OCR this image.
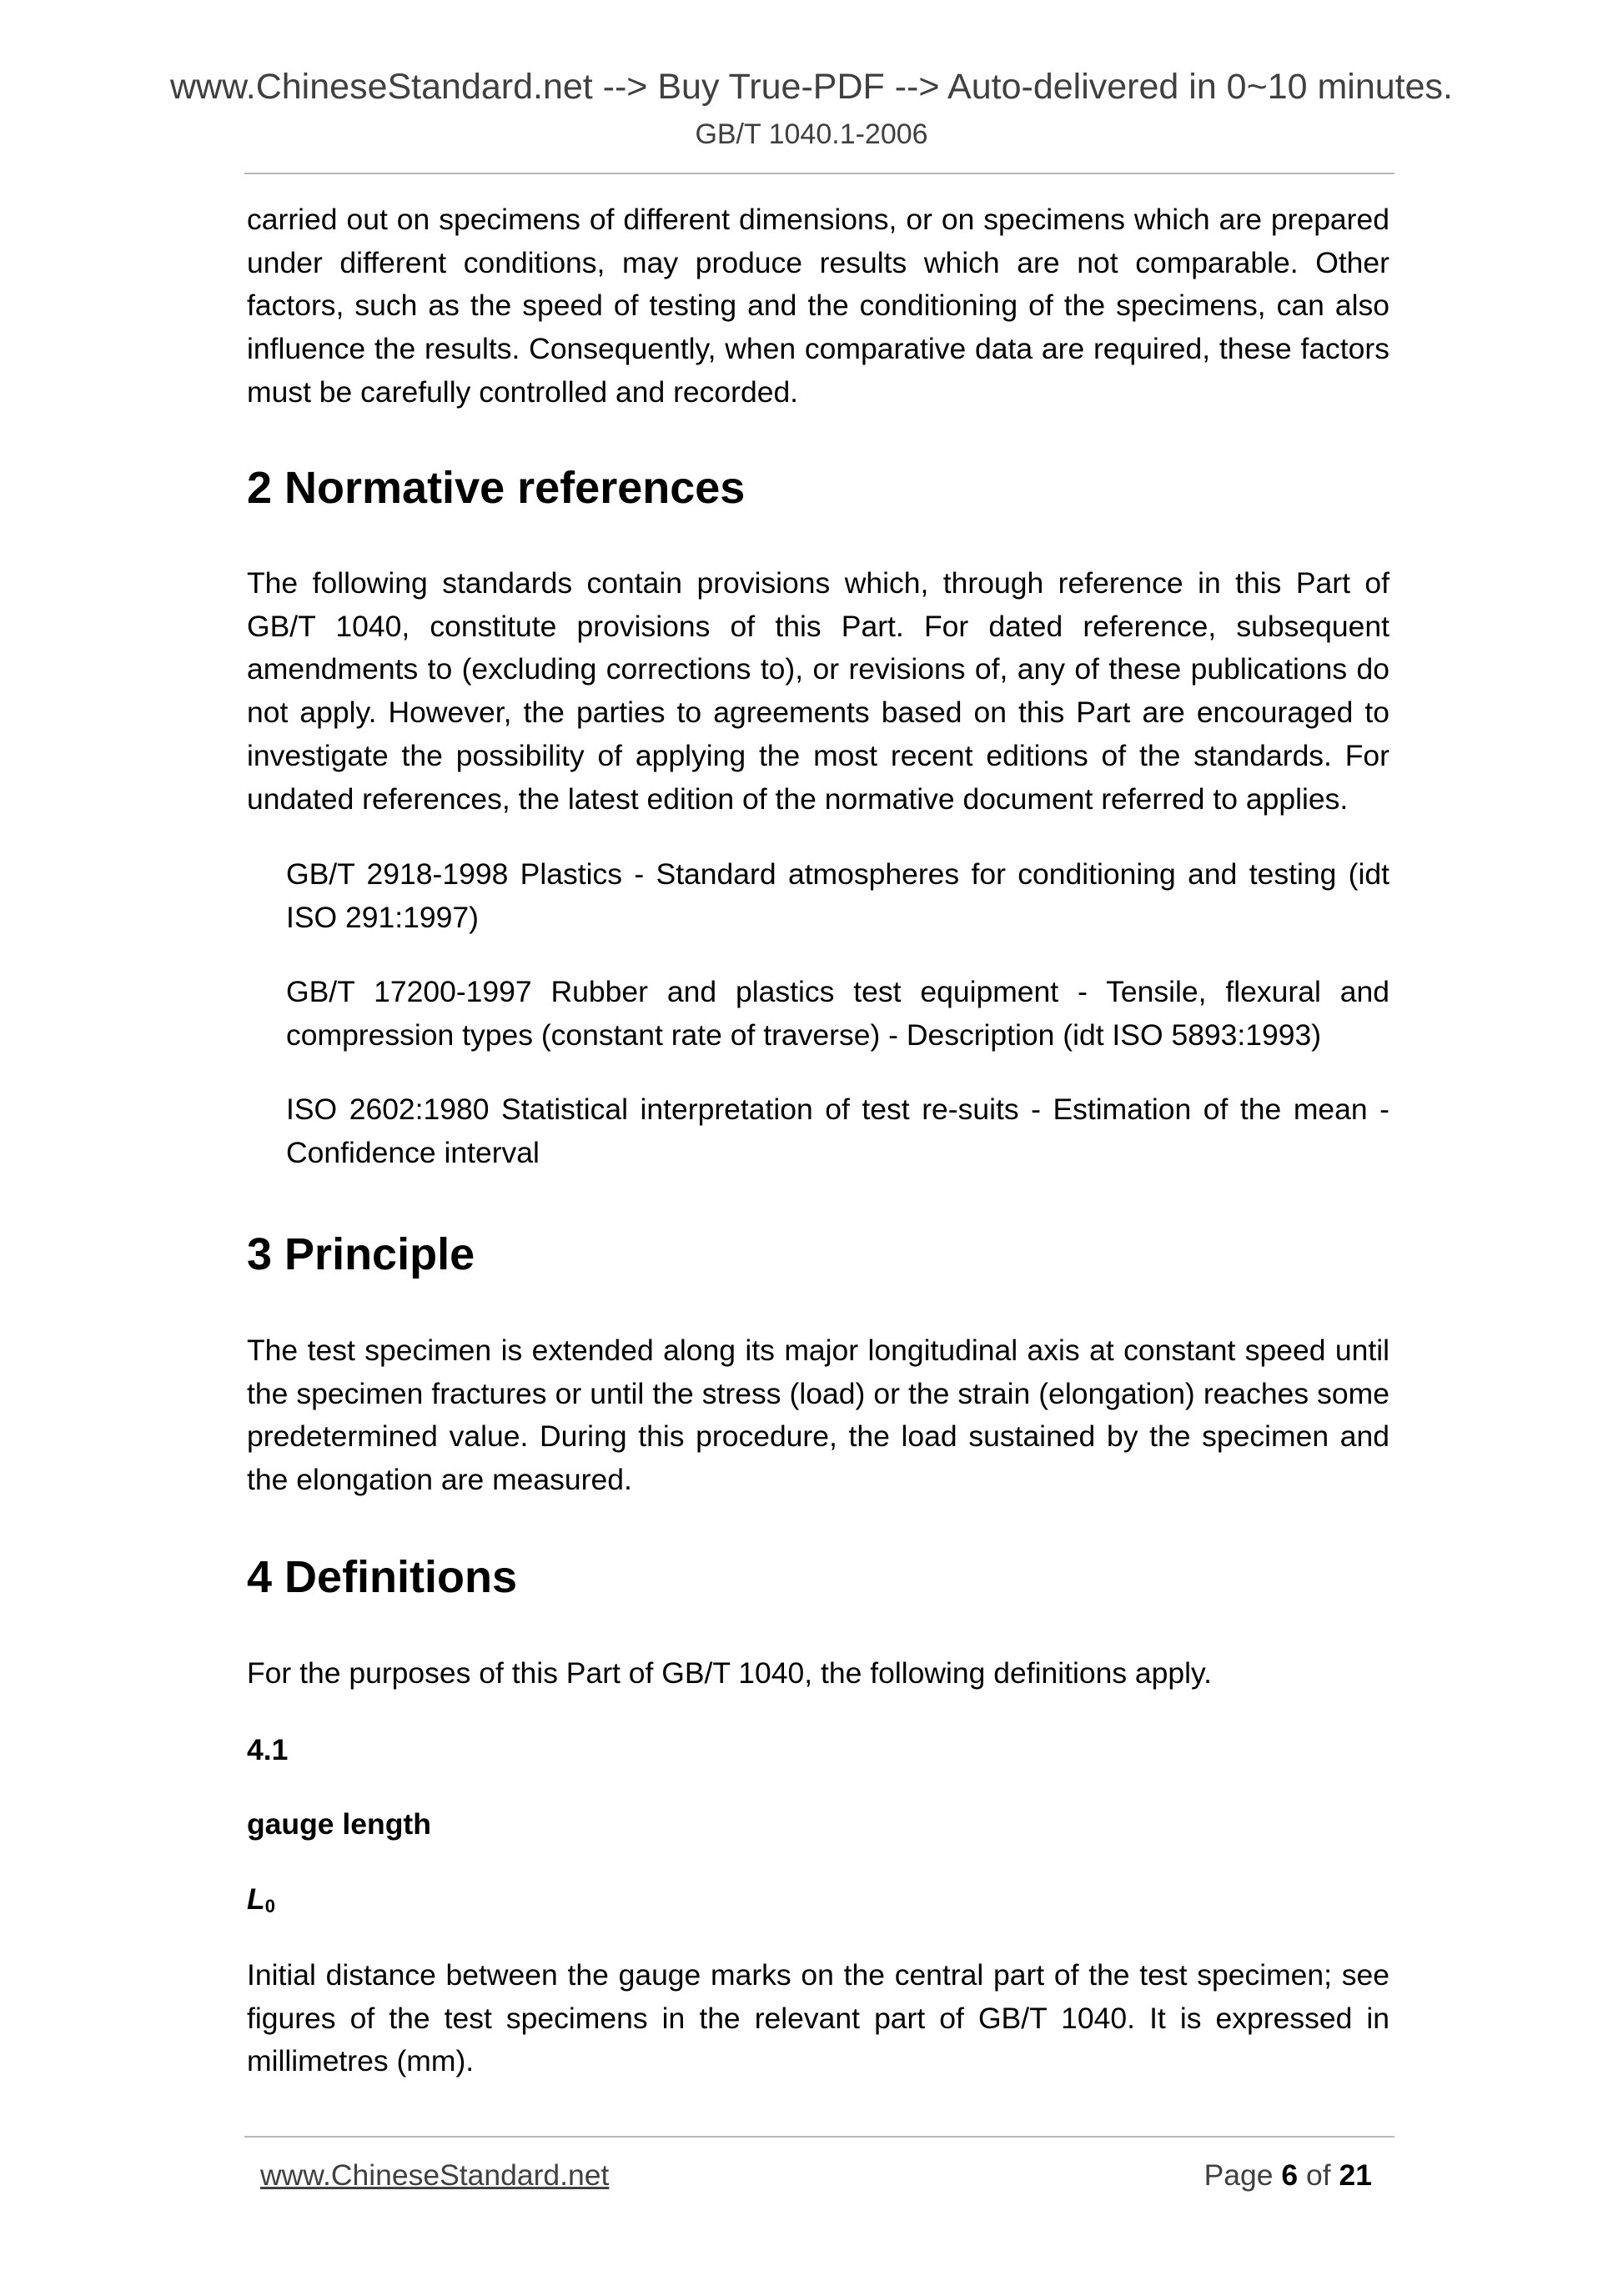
www.ChineseStandard.net --> Buy True-PDF --> Auto-delivered in 0~10 minutes.
GB/T 1040.1-2006

carried out on specimens of different dimensions, or on specimens which are prepared under different conditions, may produce results which are not comparable. Other factors, such as the speed of testing and the conditioning of the specimens, can also influence the results. Consequently, when comparative data are required, these factors must be carefully controlled and recorded.

2 Normative references

The following standards contain provisions which, through reference in this Part of GB/T 1040, constitute provisions of this Part. For dated reference, subsequent amendments to (excluding corrections to), or revisions of, any of these publications do not apply. However, the parties to agreements based on this Part are encouraged to investigate the possibility of applying the most recent editions of the standards. For undated references, the latest edition of the normative document referred to applies.

GB/T 2918-1998 Plastics - Standard atmospheres for conditioning and testing (idt ISO 291:1997)

GB/T 17200-1997 Rubber and plastics test equipment - Tensile, flexural and compression types (constant rate of traverse) - Description (idt ISO 5893:1993)

ISO 2602:1980 Statistical interpretation of test re-suits - Estimation of the mean - Confidence interval

3 Principle

The test specimen is extended along its major longitudinal axis at constant speed until the specimen fractures or until the stress (load) or the strain (elongation) reaches some predetermined value. During this procedure, the load sustained by the specimen and the elongation are measured.

4 Definitions

For the purposes of this Part of GB/T 1040, the following definitions apply.

4.1
gauge length
$L_0$

Initial distance between the gauge marks on the central part of the test specimen; see figures of the test specimens in the relevant part of GB/T 1040. It is expressed in millimetres (mm).

www.ChineseStandard.net	Page 6 of 21
